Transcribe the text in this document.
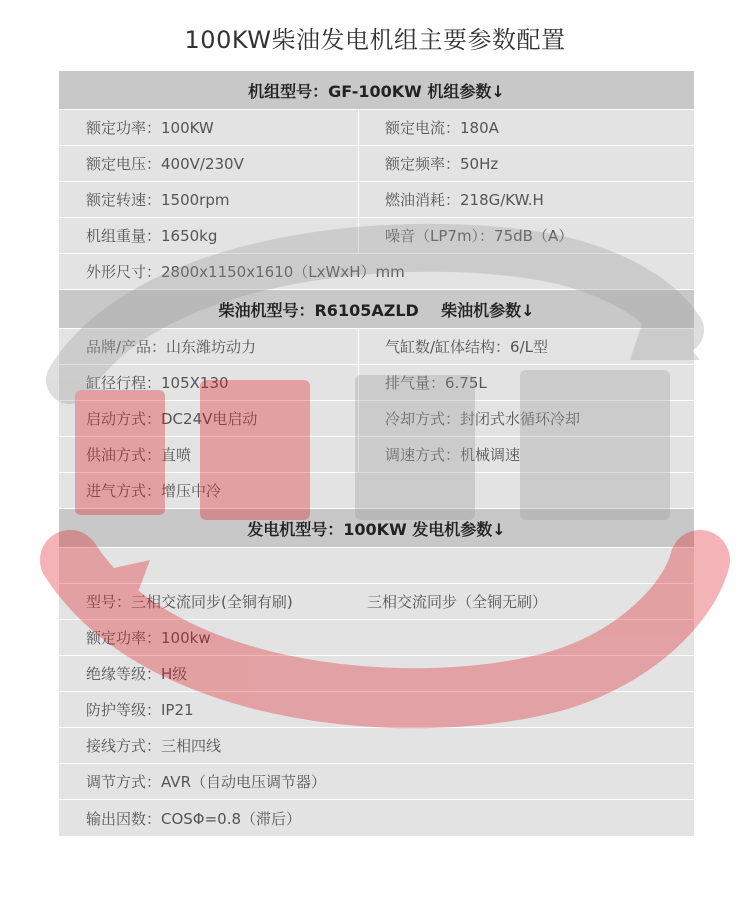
100KW柴油发电机组主要参数配置
机组型号：GF-100KW 机组参数↓
额定功率：100KW	额定电流：180A
额定电压：400V/230V	额定频率：50Hz
额定转速：1500rpm	燃油消耗：218G/KW.H
机组重量：1650kg	噪音（LP7m）：75dB（A）
外形尺寸：2800x1150x1610（LxWxH）mm
柴油机型号：R6105AZLD    柴油机参数↓
品牌/产品：山东潍坊动力	气缸数/缸体结构：6/L型
缸径行程：105X130	排气量：6.75L
启动方式：DC24V电启动	冷却方式：封闭式水循环冷却
供油方式：直喷	调速方式：机械调速
进气方式：增压中冷
发电机型号：100KW 发电机参数↓
型号：三相交流同步(全铜有刷)	三相交流同步（全铜无刷）
额定功率：100kw
绝缘等级：H级
防护等级：IP21
接线方式：三相四线
调节方式：AVR（自动电压调节器）
输出因数：COSΦ=0.8（滞后）
